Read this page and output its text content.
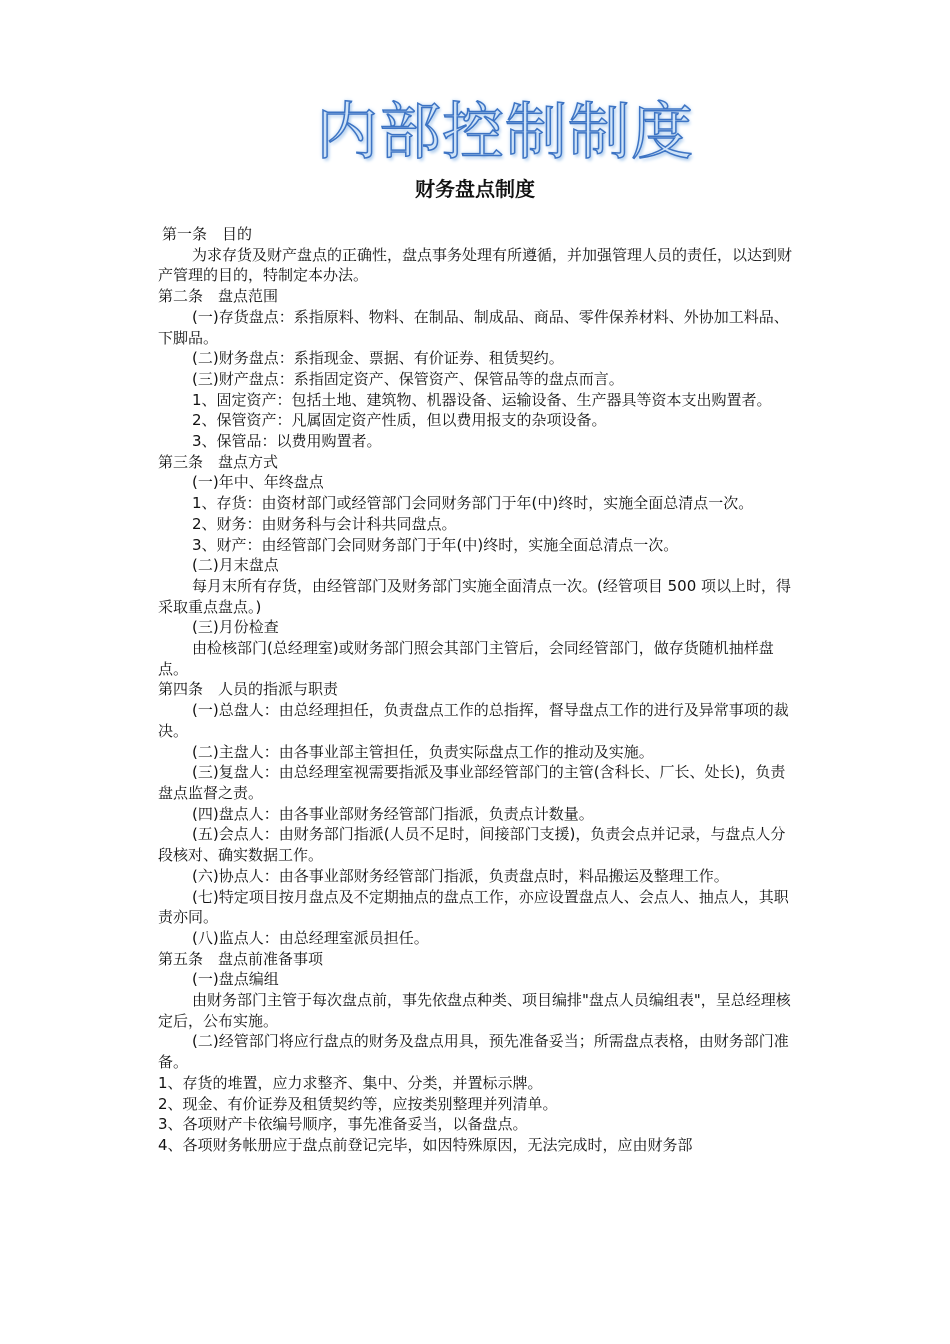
内部控制制度
财务盘点制度

第一条　目的

为求存货及财产盘点的正确性，盘点事务处理有所遵循，并加强管理人员的责任，以达到财产管理的目的，特制定本办法。

第二条　盘点范围

(一)存货盘点：系指原料、物料、在制品、制成品、商品、零件保养材料、外协加工料品、下脚品。

(二)财务盘点：系指现金、票据、有价证券、租赁契约。

(三)财产盘点：系指固定资产、保管资产、保管品等的盘点而言。

1、固定资产：包括土地、建筑物、机器设备、运输设备、生产器具等资本支出购置者。

2、保管资产：凡属固定资产性质，但以费用报支的杂项设备。

3、保管品：以费用购置者。

第三条　盘点方式

(一)年中、年终盘点

1、存货：由资材部门或经管部门会同财务部门于年(中)终时，实施全面总清点一次。

2、财务：由财务科与会计科共同盘点。

3、财产：由经管部门会同财务部门于年(中)终时，实施全面总清点一次。

(二)月末盘点

每月末所有存货，由经管部门及财务部门实施全面清点一次。(经管项目 500 项以上时，得采取重点盘点。)

(三)月份检查

由检核部门(总经理室)或财务部门照会其部门主管后，会同经管部门，做存货随机抽样盘点。

第四条　人员的指派与职责

(一)总盘人：由总经理担任，负责盘点工作的总指挥，督导盘点工作的进行及异常事项的裁决。

(二)主盘人：由各事业部主管担任，负责实际盘点工作的推动及实施。

(三)复盘人：由总经理室视需要指派及事业部经管部门的主管(含科长、厂长、处长)，负责盘点监督之责。

(四)盘点人：由各事业部财务经管部门指派，负责点计数量。

(五)会点人：由财务部门指派(人员不足时，间接部门支援)，负责会点并记录，与盘点人分段核对、确实数据工作。

(六)协点人：由各事业部财务经管部门指派，负责盘点时，料品搬运及整理工作。

(七)特定项目按月盘点及不定期抽点的盘点工作，亦应设置盘点人、会点人、抽点人，其职责亦同。

(八)监点人：由总经理室派员担任。

第五条　盘点前准备事项

(一)盘点编组

由财务部门主管于每次盘点前，事先依盘点种类、项目编排"盘点人员编组表"，呈总经理核定后，公布实施。

(二)经管部门将应行盘点的财务及盘点用具，预先准备妥当；所需盘点表格，由财务部门准备。

1、存货的堆置，应力求整齐、集中、分类，并置标示牌。

2、现金、有价证券及租赁契约等，应按类别整理并列清单。

3、各项财产卡依编号顺序，事先准备妥当，以备盘点。

4、各项财务帐册应于盘点前登记完毕，如因特殊原因，无法完成时，应由财务部
